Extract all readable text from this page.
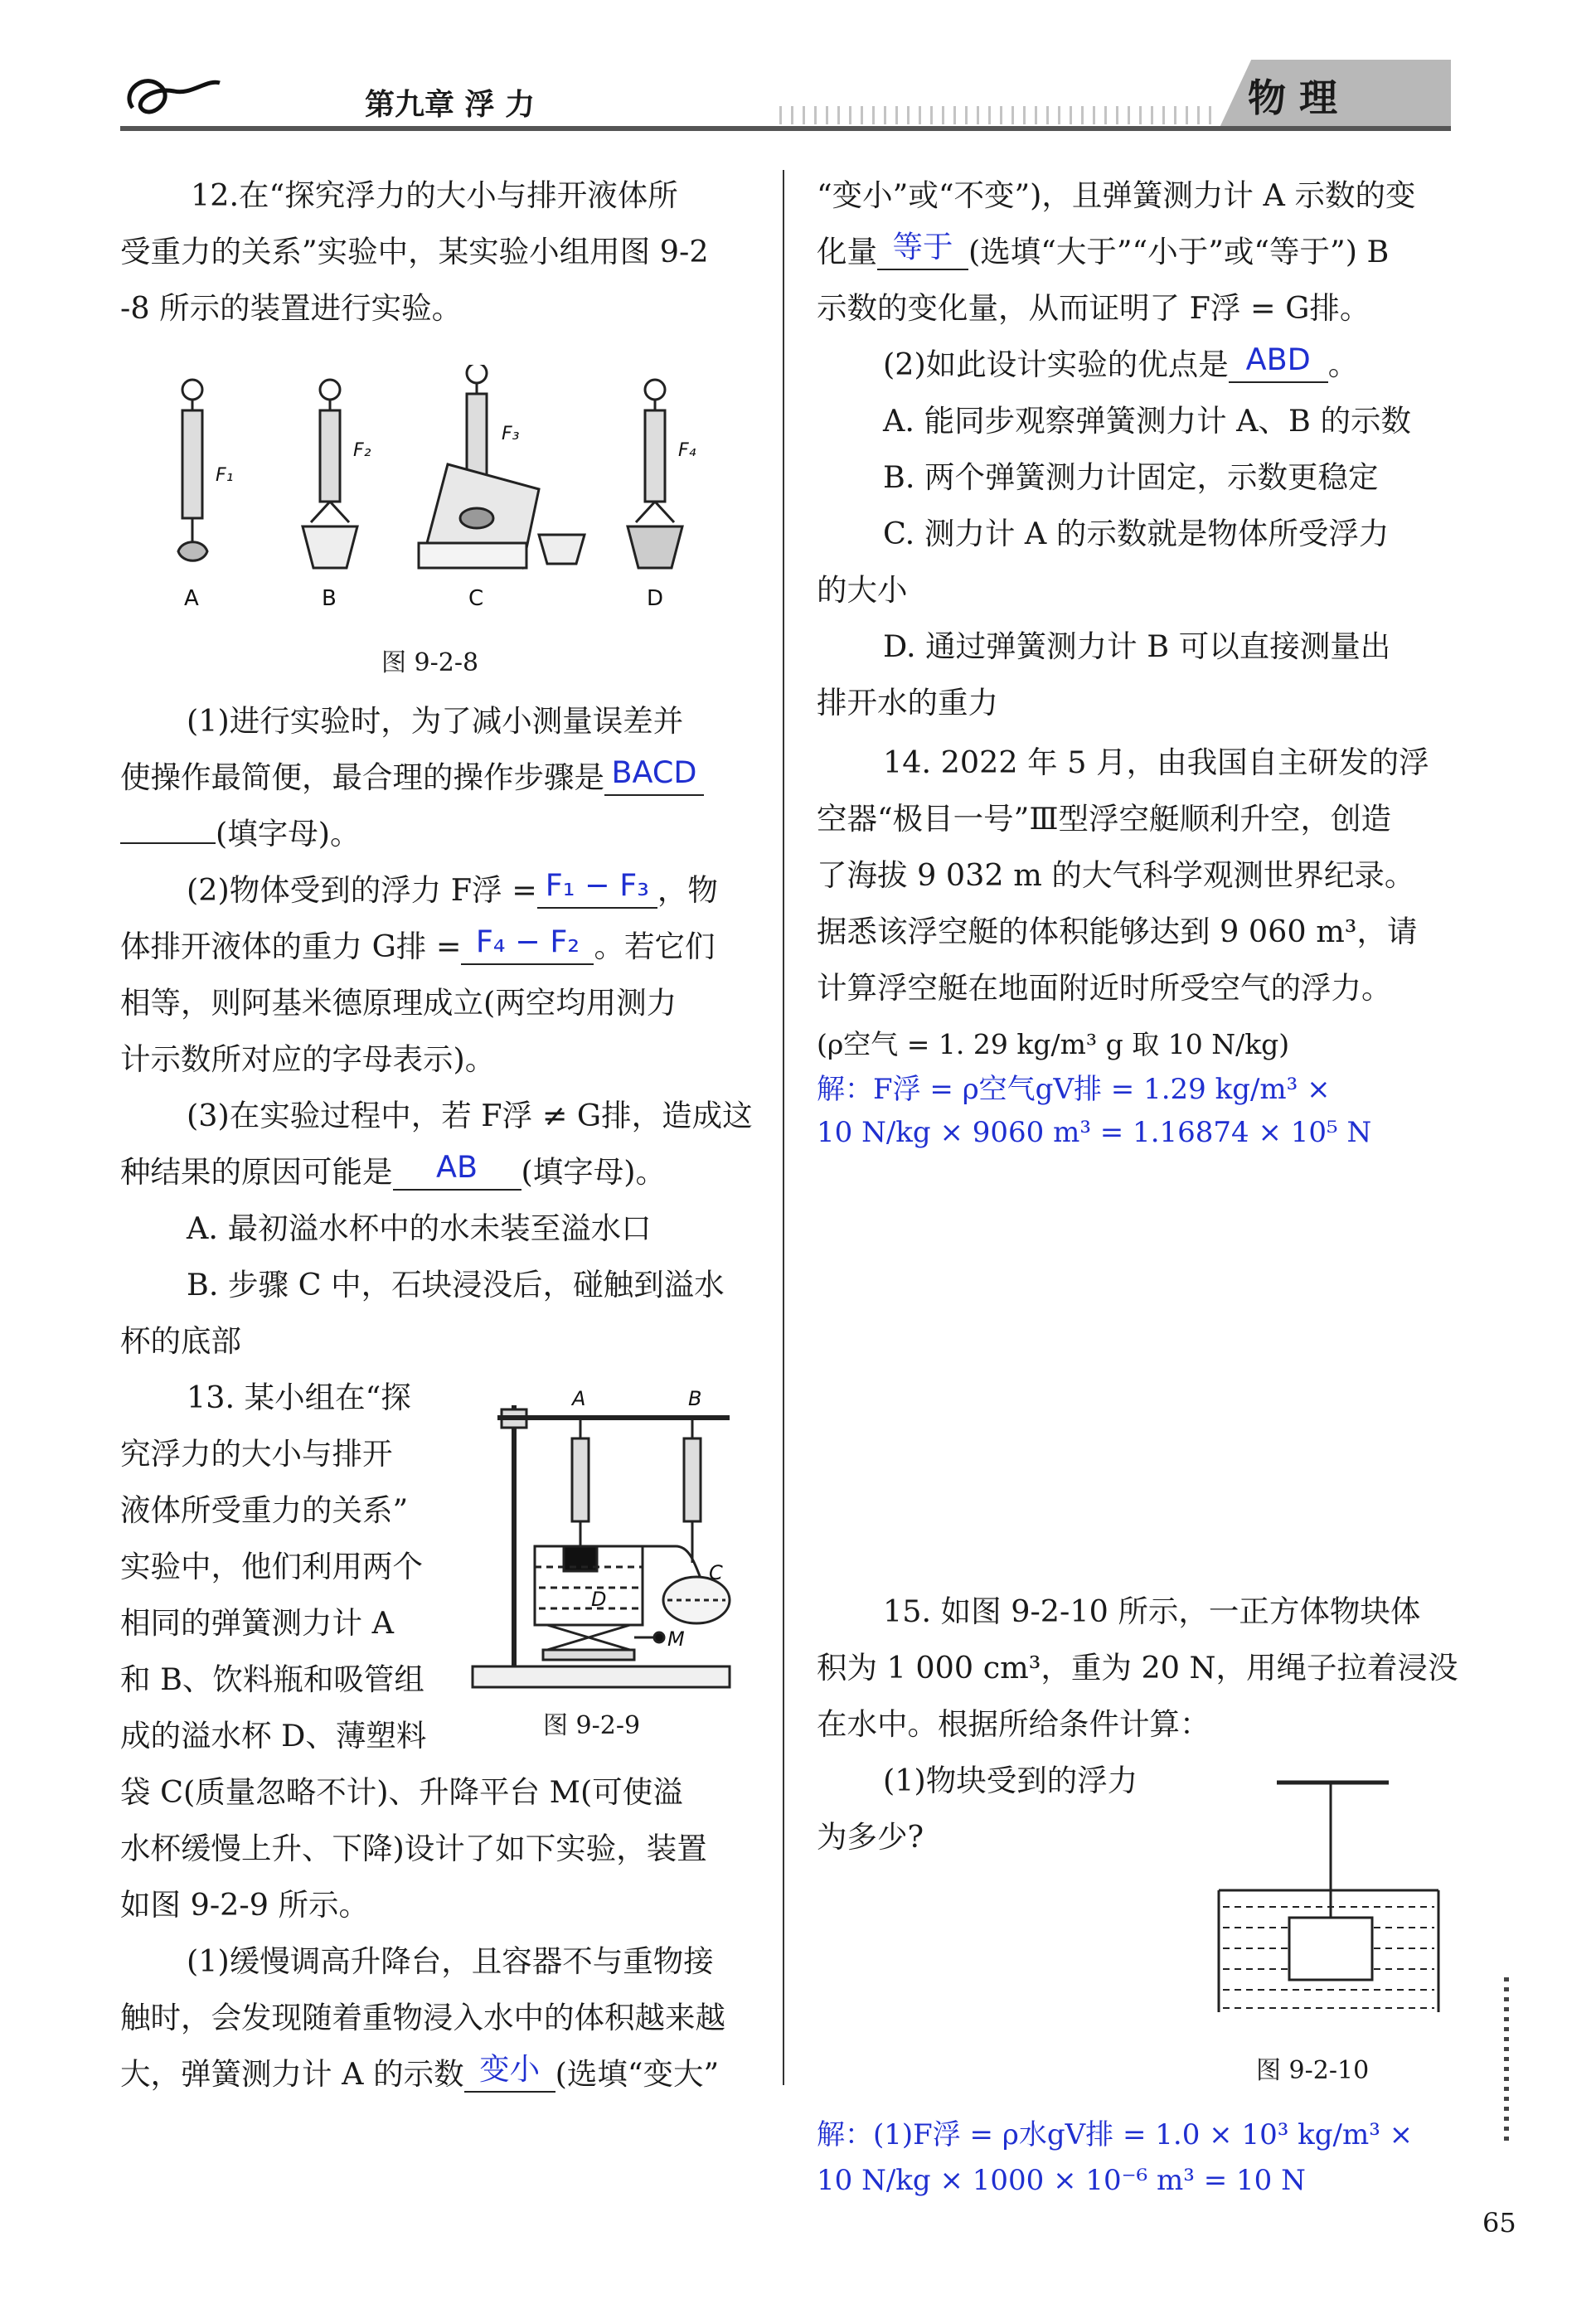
第九章 浮 力	物 理
12.在“探究浮力的大小与排开液体所
受重力的关系”实验中，某实验小组用图 9-2
-8 所示的装置进行实验。
F₁
F₂
F₃
F₄
A	B	C	D
图 9-2-8
(1)进行实验时，为了减小测量误差并
使操作最简便，最合理的操作步骤是 BACD
(填字母)。
(2)物体受到的浮力 F浮 = F₁ − F₃ ，物
体排开液体的重力 G排 = F₄ − F₂ 。若它们
相等，则阿基米德原理成立(两空均用测力
计示数所对应的字母表示)。
(3)在实验过程中，若 F浮 ≠ G排，造成这
种结果的原因可能是 AB (填字母)。
A. 最初溢水杯中的水未装至溢水口
B. 步骤 C 中，石块浸没后，碰触到溢水
杯的底部
13. 某小组在“探
究浮力的大小与排开
液体所受重力的关系”
实验中，他们利用两个
相同的弹簧测力计 A
和 B、饮料瓶和吸管组
成的溢水杯 D、薄塑料
A	B
C
D
M
图 9-2-9
袋 C(质量忽略不计)、升降平台 M(可使溢
水杯缓慢上升、下降)设计了如下实验，装置
如图 9-2-9 所示。
(1)缓慢调高升降台，且容器不与重物接
触时，会发现随着重物浸入水中的体积越来越
大，弹簧测力计 A 的示数 变小 (选填“变大”
“变小”或“不变”)，且弹簧测力计 A 示数的变
化量 等于 (选填“大于”“小于”或“等于”) B
示数的变化量，从而证明了 F浮 = G排。
(2)如此设计实验的优点是 ABD 。
A. 能同步观察弹簧测力计 A、B 的示数
B. 两个弹簧测力计固定，示数更稳定
C. 测力计 A 的示数就是物体所受浮力
的大小
D. 通过弹簧测力计 B 可以直接测量出
排开水的重力
14. 2022 年 5 月，由我国自主研发的浮
空器“极目一号”Ⅲ型浮空艇顺利升空，创造
了海拔 9 032 m 的大气科学观测世界纪录。
据悉该浮空艇的体积能够达到 9 060 m³，请
计算浮空艇在地面附近时所受空气的浮力。
(ρ空气 = 1. 29 kg/m³ g 取 10 N/kg)
解：F浮 = ρ空气gV排 = 1.29 kg/m³ ×
10 N/kg × 9060 m³ = 1.16874 × 10⁵ N
15. 如图 9-2-10 所示，一正方体物块体
积为 1 000 cm³，重为 20 N，用绳子拉着浸没
在水中。根据所给条件计算：
(1)物块受到的浮力
为多少?
图 9-2-10
解：(1)F浮 = ρ水gV排 = 1.0 × 10³ kg/m³ ×
10 N/kg × 1000 × 10⁻⁶ m³ = 10 N
65
